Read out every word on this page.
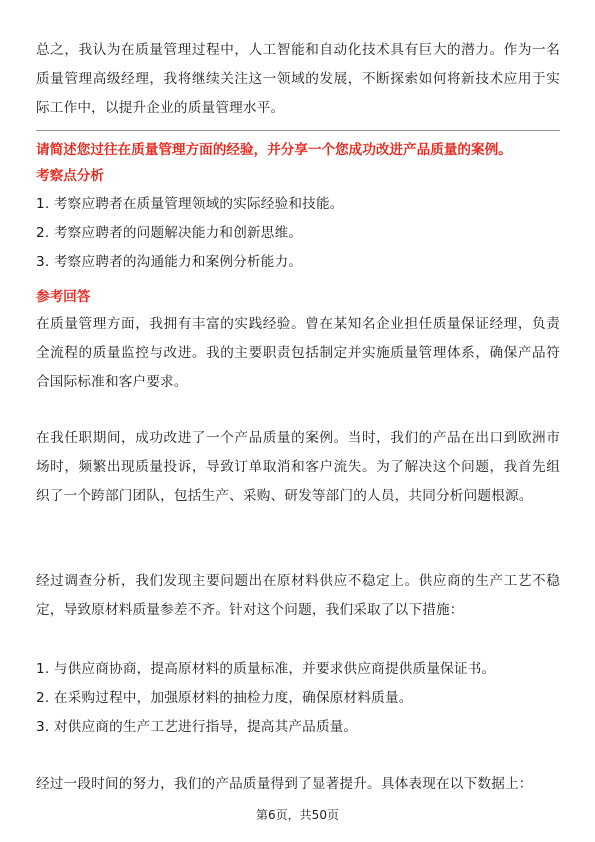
总之，我认为在质量管理过程中，人工智能和自动化技术具有巨大的潜力。作为一名质量管理高级经理，我将继续关注这一领域的发展，不断探索如何将新技术应用于实际工作中，以提升企业的质量管理水平。

请简述您过往在质量管理方面的经验，并分享一个您成功改进产品质量的案例。

考察点分析

1. 考察应聘者在质量管理领域的实际经验和技能。
2. 考察应聘者的问题解决能力和创新思维。
3. 考察应聘者的沟通能力和案例分析能力。

参考回答

在质量管理方面，我拥有丰富的实践经验。曾在某知名企业担任质量保证经理，负责全流程的质量监控与改进。我的主要职责包括制定并实施质量管理体系，确保产品符合国际标准和客户要求。

在我任职期间，成功改进了一个产品质量的案例。当时，我们的产品在出口到欧洲市场时，频繁出现质量投诉，导致订单取消和客户流失。为了解决这个问题，我首先组织了一个跨部门团队，包括生产、采购、研发等部门的人员，共同分析问题根源。

经过调查分析，我们发现主要问题出在原材料供应不稳定上。供应商的生产工艺不稳定，导致原材料质量参差不齐。针对这个问题，我们采取了以下措施：

1. 与供应商协商，提高原材料的质量标准，并要求供应商提供质量保证书。
2. 在采购过程中，加强原材料的抽检力度，确保原材料质量。
3. 对供应商的生产工艺进行指导，提高其产品质量。

经过一段时间的努力，我们的产品质量得到了显著提升。具体表现在以下数据上：

第6页，共50页
